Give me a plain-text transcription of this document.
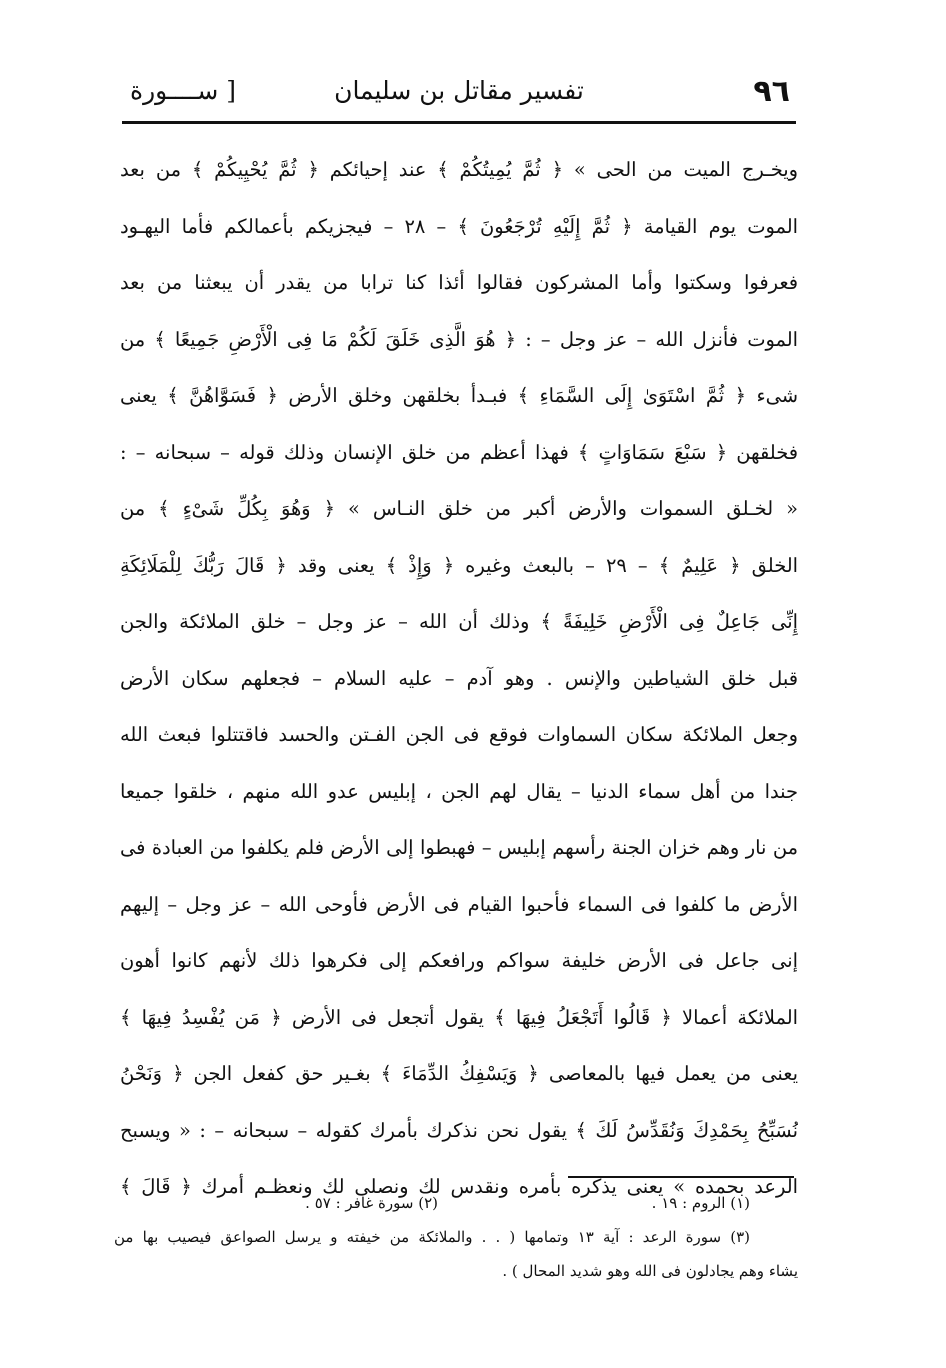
٩٦
تفسير مقاتل بن سليمان
[ ســــورة
ويخـرج الميت من الحى » ﴿ ثُمَّ يُمِيتُكُمْ ﴾ عند إحيائكم ﴿ ثُمَّ يُحْيِيكُمْ ﴾ من بعد
الموت يوم القيامة ﴿ ثُمَّ إِلَيْهِ تُرْجَعُونَ ﴾ – ٢٨ – فيجزيكم بأعمالكم فأما اليهـود
فعرفوا وسكتوا وأما المشركون فقالوا أئذا كنا ترابا من يقدر أن يبعثنا من بعد
الموت فأنزل الله – عز وجل – : ﴿ هُوَ الَّذِى خَلَقَ لَكُمْ مَا فِى الْأَرْضِ جَمِيعًا ﴾ من
شىء ﴿ ثُمَّ اسْتَوَىٰ إِلَى السَّمَاءِ ﴾ فبـدأ بخلقهن وخلق الأرض ﴿ فَسَوَّاهُنَّ ﴾ يعنى
فخلقهن ﴿ سَبْعَ سَمَاوَاتٍ ﴾ فهذا أعظم من خلق الإنسان وذلك قوله – سبحانه – :
« لخـلق السموات والأرض أكبر من خلق النـاس » ﴿ وَهُوَ بِكُلِّ شَىْءٍ ﴾ من
الخلق ﴿ عَلِيمٌ ﴾ – ٢٩ – بالبعث وغيره ﴿ وَإِذْ ﴾ يعنى وقد ﴿ قَالَ رَبُّكَ لِلْمَلَائِكَةِ
إِنِّى جَاعِلٌ فِى الْأَرْضِ خَلِيفَةً ﴾ وذلك أن الله – عز وجل – خلق الملائكة والجن
قبل خلق الشياطين والإنس . وهو آدم – عليه السلام – فجعلهم سكان الأرض
وجعل الملائكة سكان السماوات فوقع فى الجن الفـتن والحسد فاقتتلوا فبعث الله
جندا من أهل سماء الدنيا – يقال لهم الجن ، إبليس عدو الله منهم ، خلقوا جميعا
من نار وهم خزان الجنة رأسهم إبليس – فهبطوا إلى الأرض فلم يكلفوا من العبادة فى
الأرض ما كلفوا فى السماء فأحبوا القيام فى الأرض فأوحى الله – عز وجل – إليهم
إنى جاعل فى الأرض خليفة سواكم ورافعكم إلى فكرهوا ذلك لأنهم كانوا أهون
الملائكة أعمالا ﴿ قَالُوا أَتَجْعَلُ فِيهَا ﴾ يقول أتجعل فى الأرض ﴿ مَن يُفْسِدُ فِيهَا ﴾
يعنى من يعمل فيها بالمعاصى ﴿ وَيَسْفِكُ الدِّمَاءَ ﴾ بغـير حق كفعل الجن ﴿ وَنَحْنُ
نُسَبِّحُ بِحَمْدِكَ وَنُقَدِّسُ لَكَ ﴾ يقول نحن نذكرك بأمرك كقوله – سبحانه – : « ويسبح
الرعد بحمده » يعنى يذكره بأمره ونقدس لك ونصلى لك ونعظـم أمرك ﴿ قَالَ ﴾
(١) الروم : ١٩ .
(٢) سورة غافر : ٥٧ .
(٣) سورة الرعد : آية ١٣ وتمامها ( . . والملائكة من خيفته و يرسل الصواعق فيصيب بها من
يشاء وهم يجادلون فى الله وهو شديد المحال ) .
